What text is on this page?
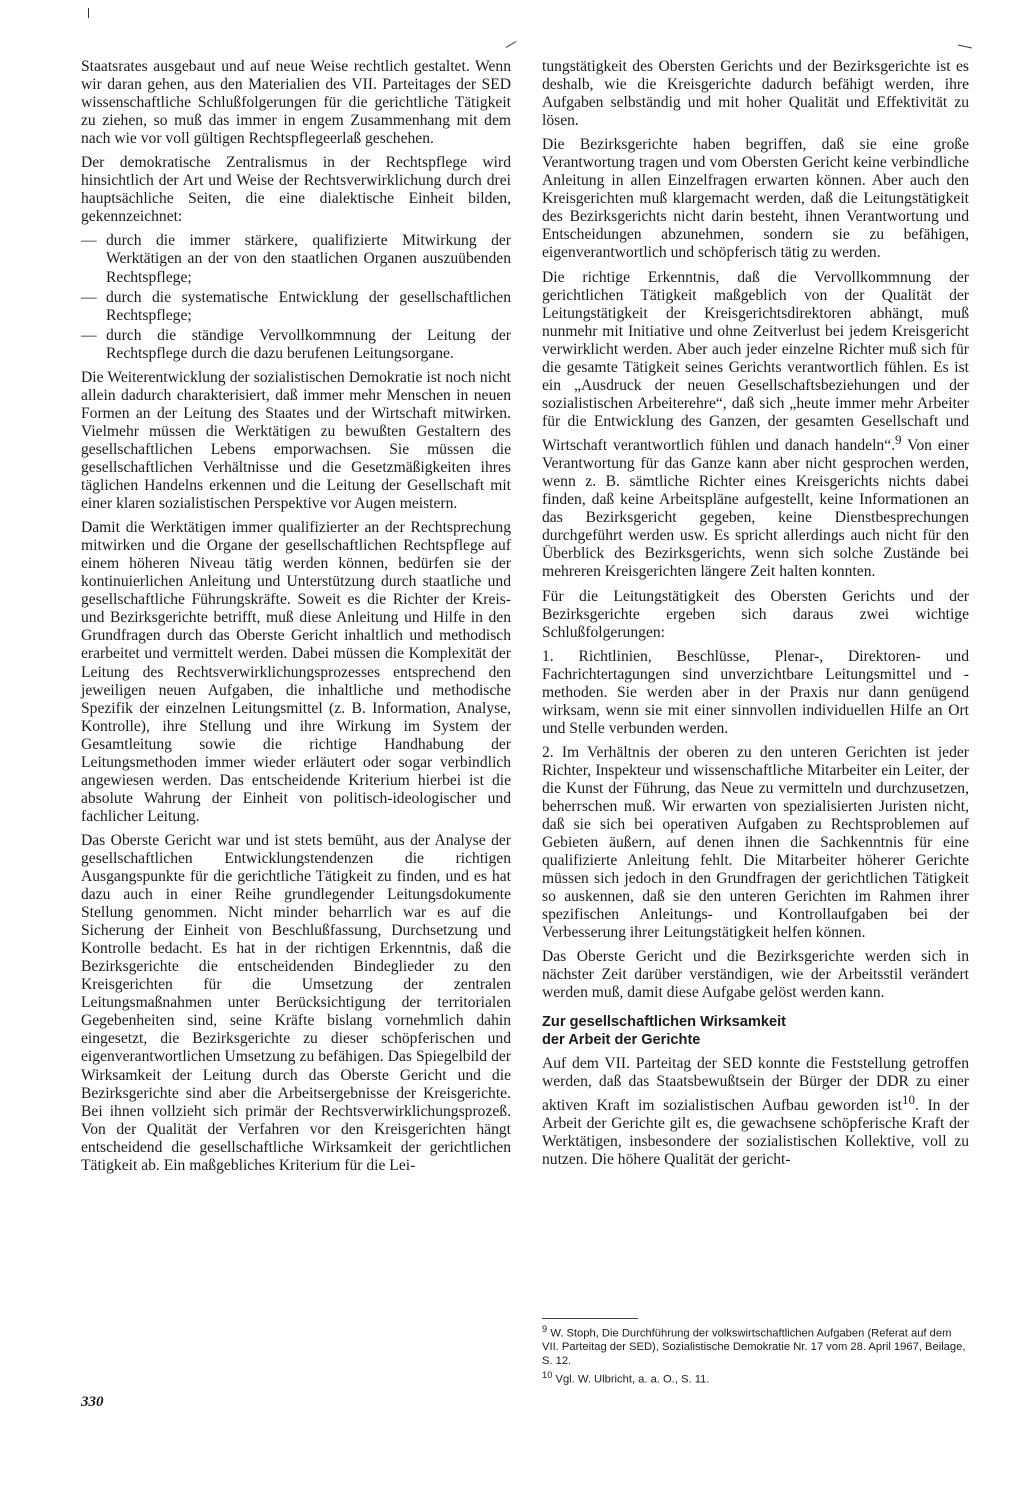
Staatsrates ausgebaut und auf neue Weise rechtlich gestaltet. Wenn wir daran gehen, aus den Materialien des VII. Parteitages der SED wissenschaftliche Schlußfolgerungen für die gerichtliche Tätigkeit zu ziehen, so muß das immer in engem Zusammenhang mit dem nach wie vor voll gültigen Rechtspflegeerlaß geschehen.

Der demokratische Zentralismus in der Rechtspflege wird hinsichtlich der Art und Weise der Rechtsverwirklichung durch drei hauptsächliche Seiten, die eine dialektische Einheit bilden, gekennzeichnet:

— durch die immer stärkere, qualifizierte Mitwirkung der Werktätigen an der von den staatlichen Organen auszuübenden Rechtspflege;
— durch die systematische Entwicklung der gesellschaftlichen Rechtspflege;
— durch die ständige Vervollkommnung der Leitung der Rechtspflege durch die dazu berufenen Leitungsorgane.

Die Weiterentwicklung der sozialistischen Demokratie ist noch nicht allein dadurch charakterisiert, daß immer mehr Menschen in neuen Formen an der Leitung des Staates und der Wirtschaft mitwirken. Vielmehr müssen die Werktätigen zu bewußten Gestaltern des gesellschaftlichen Lebens emporwachsen. Sie müssen die gesellschaftlichen Verhältnisse und die Gesetzmäßigkeiten ihres täglichen Handelns erkennen und die Leitung der Gesellschaft mit einer klaren sozialistischen Perspektive vor Augen meistern.

Damit die Werktätigen immer qualifizierter an der Rechtsprechung mitwirken und die Organe der gesellschaftlichen Rechtspflege auf einem höheren Niveau tätig werden können, bedürfen sie der kontinuierlichen Anleitung und Unterstützung durch staatliche und gesellschaftliche Führungskräfte. Soweit es die Richter der Kreis- und Bezirksgerichte betrifft, muß diese Anleitung und Hilfe in den Grundfragen durch das Oberste Gericht inhaltlich und methodisch erarbeitet und vermittelt werden. Dabei müssen die Komplexität der Leitung des Rechtsverwirklichungsprozesses entsprechend den jeweiligen neuen Aufgaben, die inhaltliche und methodische Spezifik der einzelnen Leitungsmittel (z. B. Information, Analyse, Kontrolle), ihre Stellung und ihre Wirkung im System der Gesamtleitung sowie die richtige Handhabung der Leitungsmethoden immer wieder erläutert oder sogar verbindlich angewiesen werden. Das entscheidende Kriterium hierbei ist die absolute Wahrung der Einheit von politisch-ideologischer und fachlicher Leitung.

Das Oberste Gericht war und ist stets bemüht, aus der Analyse der gesellschaftlichen Entwicklungstendenzen die richtigen Ausgangspunkte für die gerichtliche Tätigkeit zu finden, und es hat dazu auch in einer Reihe grundlegender Leitungsdokumente Stellung genommen. Nicht minder beharrlich war es auf die Sicherung der Einheit von Beschlußfassung, Durchsetzung und Kontrolle bedacht. Es hat in der richtigen Erkenntnis, daß die Bezirksgerichte die entscheidenden Bindeglieder zu den Kreisgerichten für die Umsetzung der zentralen Leitungsmaßnahmen unter Berücksichtigung der territorialen Gegebenheiten sind, seine Kräfte bislang vornehmlich dahin eingesetzt, die Bezirksgerichte zu dieser schöpferischen und eigenverantwortlichen Umsetzung zu befähigen. Das Spiegelbild der Wirksamkeit der Leitung durch das Oberste Gericht und die Bezirksgerichte sind aber die Arbeitsergebnisse der Kreisgerichte. Bei ihnen vollzieht sich primär der Rechtsverwirklichungsprozeß. Von der Qualität der Verfahren vor den Kreisgerichten hängt entscheidend die gesellschaftliche Wirksamkeit der gerichtlichen Tätigkeit ab. Ein maßgebliches Kriterium für die Lei-

tungstätigkeit des Obersten Gerichts und der Bezirksgerichte ist es deshalb, wie die Kreisgerichte dadurch befähigt werden, ihre Aufgaben selbständig und mit hoher Qualität und Effektivität zu lösen.

Die Bezirksgerichte haben begriffen, daß sie eine große Verantwortung tragen und vom Obersten Gericht keine verbindliche Anleitung in allen Einzelfragen erwarten können. Aber auch den Kreisgerichten muß klargemacht werden, daß die Leitungstätigkeit des Bezirksgerichts nicht darin besteht, ihnen Verantwortung und Entscheidungen abzunehmen, sondern sie zu befähigen, eigenverantwortlich und schöpferisch tätig zu werden.

Die richtige Erkenntnis, daß die Vervollkommnung der gerichtlichen Tätigkeit maßgeblich von der Qualität der Leitungstätigkeit der Kreisgerichtsdirektoren abhängt, muß nunmehr mit Initiative und ohne Zeitverlust bei jedem Kreisgericht verwirklicht werden. Aber auch jeder einzelne Richter muß sich für die gesamte Tätigkeit seines Gerichts verantwortlich fühlen. Es ist ein „Ausdruck der neuen Gesellschaftsbeziehungen und der sozialistischen Arbeiterehre“, daß sich „heute immer mehr Arbeiter für die Entwicklung des Ganzen, der gesamten Gesellschaft und Wirtschaft verantwortlich fühlen und danach handeln“.$^9$ Von einer Verantwortung für das Ganze kann aber nicht gesprochen werden, wenn z. B. sämtliche Richter eines Kreisgerichts nichts dabei finden, daß keine Arbeitspläne aufgestellt, keine Informationen an das Bezirksgericht gegeben, keine Dienstbesprechungen durchgeführt werden usw. Es spricht allerdings auch nicht für den Überblick des Bezirksgerichts, wenn sich solche Zustände bei mehreren Kreisgerichten längere Zeit halten konnten.

Für die Leitungstätigkeit des Obersten Gerichts und der Bezirksgerichte ergeben sich daraus zwei wichtige Schlußfolgerungen:

1. Richtlinien, Beschlüsse, Plenar-, Direktoren- und Fachrichtertagungen sind unverzichtbare Leitungsmittel und -methoden. Sie werden aber in der Praxis nur dann genügend wirksam, wenn sie mit einer sinnvollen individuellen Hilfe an Ort und Stelle verbunden werden.

2. Im Verhältnis der oberen zu den unteren Gerichten ist jeder Richter, Inspekteur und wissenschaftliche Mitarbeiter ein Leiter, der die Kunst der Führung, das Neue zu vermitteln und durchzusetzen, beherrschen muß. Wir erwarten von spezialisierten Juristen nicht, daß sie sich bei operativen Aufgaben zu Rechtsproblemen auf Gebieten äußern, auf denen ihnen die Sachkenntnis für eine qualifizierte Anleitung fehlt. Die Mitarbeiter höherer Gerichte müssen sich jedoch in den Grundfragen der gerichtlichen Tätigkeit so auskennen, daß sie den unteren Gerichten im Rahmen ihrer spezifischen Anleitungs- und Kontrollaufgaben bei der Verbesserung ihrer Leitungstätigkeit helfen können.

Das Oberste Gericht und die Bezirksgerichte werden sich in nächster Zeit darüber verständigen, wie der Arbeitsstil verändert werden muß, damit diese Aufgabe gelöst werden kann.

Zur gesellschaftlichen Wirksamkeit
der Arbeit der Gerichte

Auf dem VII. Parteitag der SED konnte die Feststellung getroffen werden, daß das Staatsbewußtsein der Bürger der DDR zu einer aktiven Kraft im sozialistischen Aufbau geworden ist$^{10}$. In der Arbeit der Gerichte gilt es, die gewachsene schöpferische Kraft der Werktätigen, insbesondere der sozialistischen Kollektive, voll zu nutzen. Die höhere Qualität der gericht-

$^9$ W. Stoph, Die Durchführung der volkswirtschaftlichen Aufgaben (Referat auf dem VII. Parteitag der SED), Sozialistische Demokratie Nr. 17 vom 28. April 1967, Beilage, S. 12.

$^{10}$ Vgl. W. Ulbricht, a. a. O., S. 11.

330
